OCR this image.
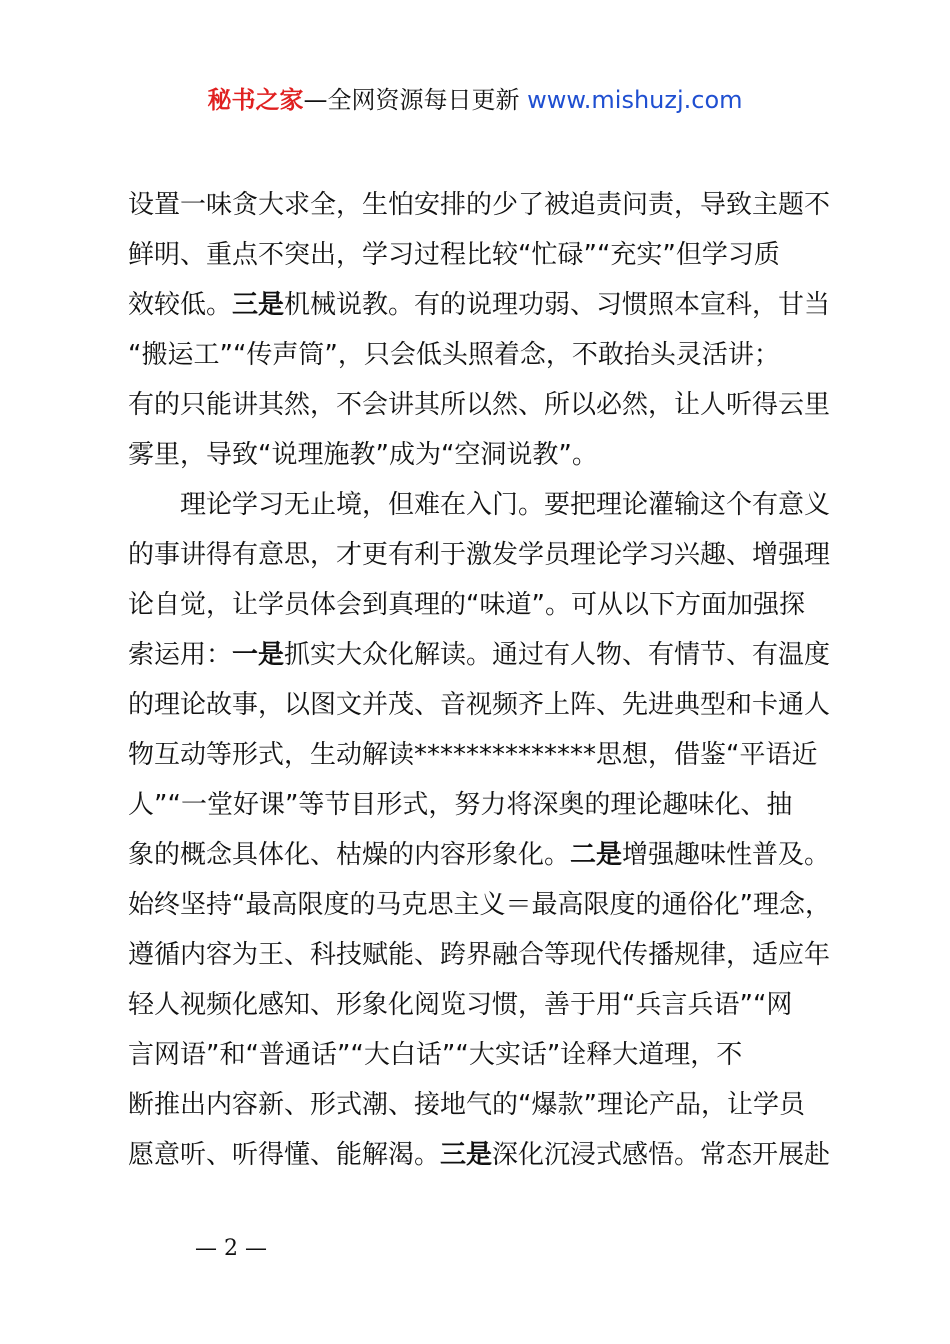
秘书之家—全网资源每日更新 www.mishuzj.com
设置一味贪大求全，生怕安排的少了被追责问责，导致主题不
鲜明、重点不突出，学习过程比较“忙碌”“充实”但学习质
效较低。三是机械说教。有的说理功弱、习惯照本宣科，甘当
“搬运工”“传声筒”，只会低头照着念，不敢抬头灵活讲；
有的只能讲其然，不会讲其所以然、所以必然，让人听得云里
雾里，导致“说理施教”成为“空洞说教”。
理论学习无止境，但难在入门。要把理论灌输这个有意义
的事讲得有意思，才更有利于激发学员理论学习兴趣、增强理
论自觉，让学员体会到真理的“味道”。可从以下方面加强探
索运用：一是抓实大众化解读。通过有人物、有情节、有温度
的理论故事，以图文并茂、音视频齐上阵、先进典型和卡通人
物互动等形式，生动解读**************思想，借鉴“平语近
人”“一堂好课”等节目形式，努力将深奥的理论趣味化、抽
象的概念具体化、枯燥的内容形象化。二是增强趣味性普及。
始终坚持“最高限度的马克思主义＝最高限度的通俗化”理念，
遵循内容为王、科技赋能、跨界融合等现代传播规律，适应年
轻人视频化感知、形象化阅览习惯，善于用“兵言兵语”“网
言网语”和“普通话”“大白话”“大实话”诠释大道理，不
断推出内容新、形式潮、接地气的“爆款”理论产品，让学员
愿意听、听得懂、能解渴。三是深化沉浸式感悟。常态开展赴
— 2 —
